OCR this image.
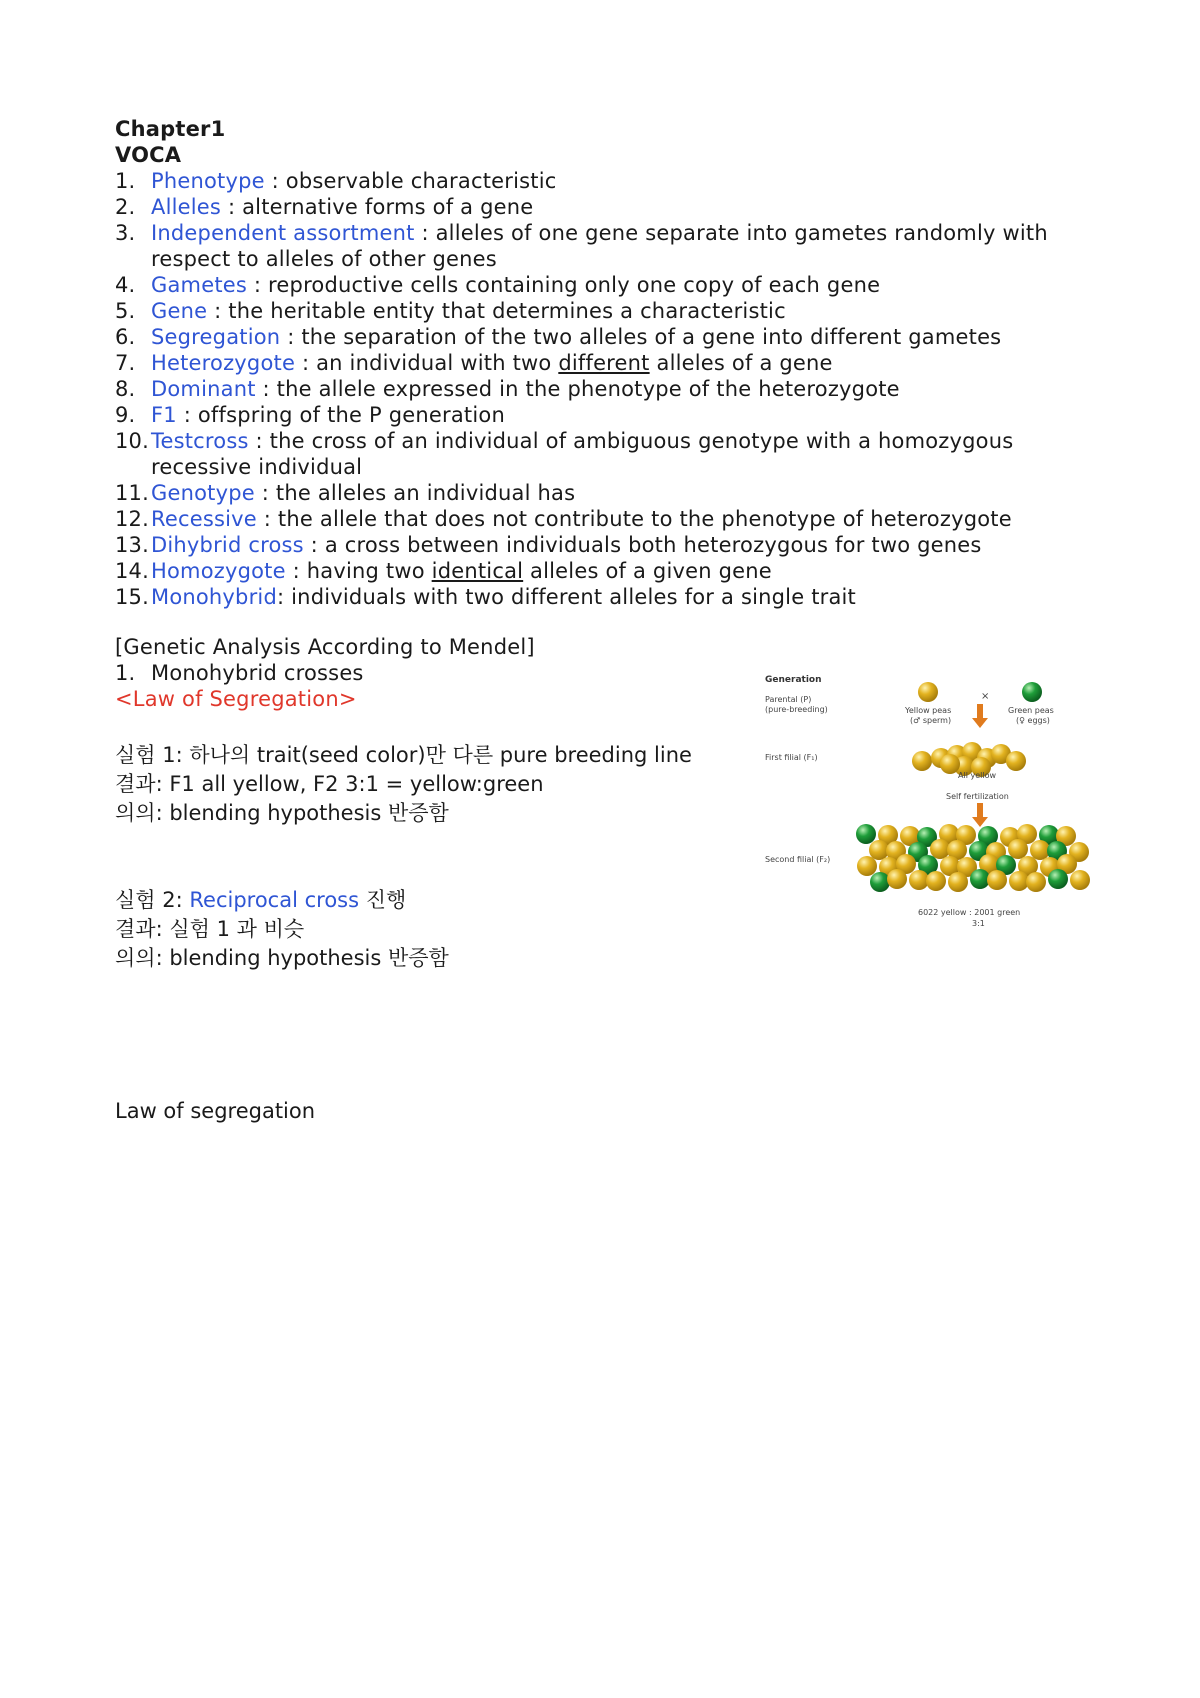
Chapter1
VOCA
1. Phenotype : observable characteristic
2. Alleles : alternative forms of a gene
3. Independent assortment : alleles of one gene separate into gametes randomly with respect to alleles of other genes
4. Gametes : reproductive cells containing only one copy of each gene
5. Gene : the heritable entity that determines a characteristic
6. Segregation : the separation of the two alleles of a gene into different gametes
7. Heterozygote : an individual with two different alleles of a gene
8. Dominant : the allele expressed in the phenotype of the heterozygote
9. F1 : offspring of the P generation
10. Testcross : the cross of an individual of ambiguous genotype with a homozygous recessive individual
11. Genotype : the alleles an individual has
12. Recessive : the allele that does not contribute to the phenotype of heterozygote
13. Dihybrid cross : a cross between individuals both heterozygous for two genes
14. Homozygote : having two identical alleles of a given gene
15. Monohybrid: individuals with two different alleles for a single trait
[Genetic Analysis According to Mendel]
1. Monohybrid crosses
<Law of Segregation>
실험 1: 하나의 trait(seed color)만 다른 pure breeding line
결과: F1 all yellow, F2 3:1 = yellow:green
의의: blending hypothesis 반증함
실험 2: Reciprocal cross 진행
결과: 실험 1 과 비슷
의의: blending hypothesis 반증함
Law of segregation
Generation
Parental (P)
(pure-breeding)
×
Yellow peas
(♂ sperm)
Green peas
(♀ eggs)
First filial (F₁)
All yellow
Self fertilization
Second filial (F₂)
6022 yellow : 2001 green
3:1
